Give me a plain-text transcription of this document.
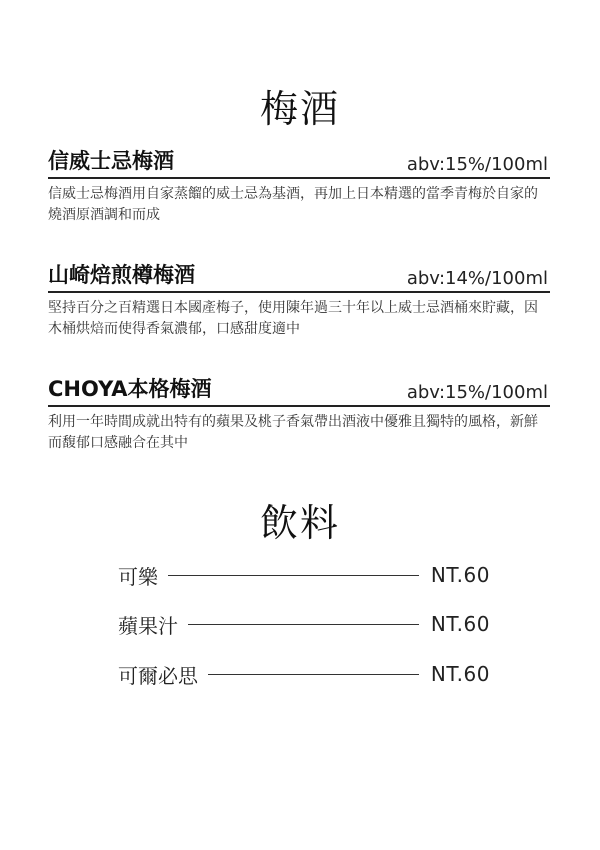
梅酒
信威士忌梅酒	abv:15%/100ml
信威士忌梅酒用自家蒸餾的威士忌為基酒，再加上日本精選的當季青梅於自家的燒酒原酒調和而成
山崎焙煎樽梅酒	abv:14%/100ml
堅持百分之百精選日本國產梅子，使用陳年過三十年以上威士忌酒桶來貯藏，因木桶烘焙而使得香氣濃郁，口感甜度適中
CHOYA本格梅酒	abv:15%/100ml
利用一年時間成就出特有的蘋果及桃子香氣帶出酒液中優雅且獨特的風格，新鮮而馥郁口感融合在其中
飲料
可樂	NT.60
蘋果汁	NT.60
可爾必思	NT.60
